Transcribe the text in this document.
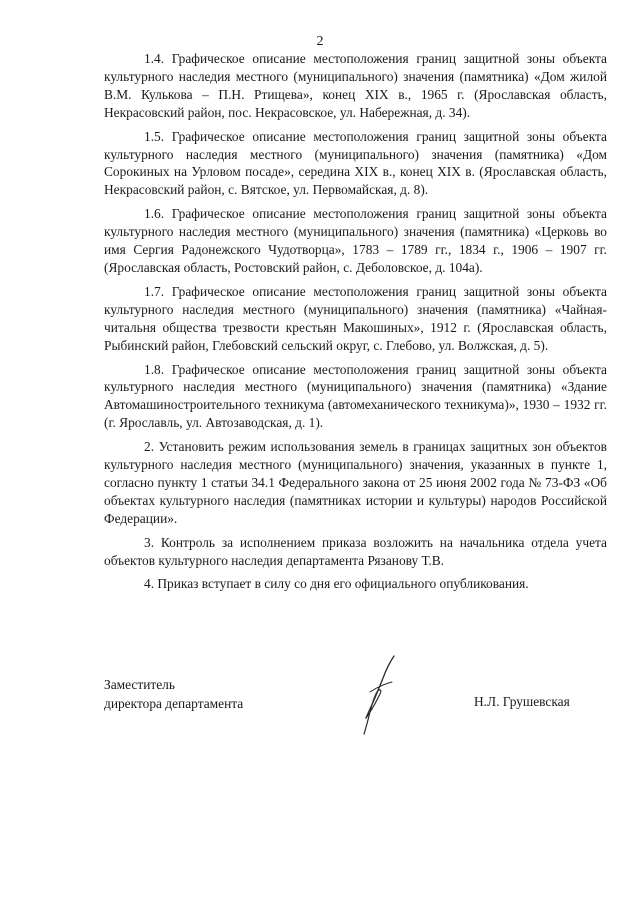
2

1.4. Графическое описание местоположения границ защитной зоны объекта культурного наследия местного (муниципального) значения (памятника) «Дом жилой В.М. Кулькова – П.Н. Ртищева», конец XIX в., 1965 г. (Ярославская область, Некрасовский район, пос. Некрасовское, ул. Набережная, д. 34).

1.5. Графическое описание местоположения границ защитной зоны объекта культурного наследия местного (муниципального) значения (памятника) «Дом Сорокиных на Урловом посаде», середина XIX в., конец XIX в. (Ярославская область, Некрасовский район, с. Вятское, ул. Первомайская, д. 8).

1.6. Графическое описание местоположения границ защитной зоны объекта культурного наследия местного (муниципального) значения (памятника) «Церковь во имя Сергия Радонежского Чудотворца», 1783 – 1789 гг., 1834 г., 1906 – 1907 гг. (Ярославская область, Ростовский район, с. Деболовское, д. 104а).

1.7. Графическое описание местоположения границ защитной зоны объекта культурного наследия местного (муниципального) значения (памятника) «Чайная-читальня общества трезвости крестьян Макошиных», 1912 г. (Ярославская область, Рыбинский район, Глебовский сельский округ, с. Глебово, ул. Волжская, д. 5).

1.8. Графическое описание местоположения границ защитной зоны объекта культурного наследия местного (муниципального) значения (памятника) «Здание Автомашиностроительного техникума (автомеханического техникума)», 1930 – 1932 гг. (г. Ярославль, ул. Автозаводская, д. 1).

2. Установить режим использования земель в границах защитных зон объектов культурного наследия местного (муниципального) значения, указанных в пункте 1, согласно пункту 1 статьи 34.1 Федерального закона от 25 июня 2002 года № 73-ФЗ «Об объектах культурного наследия (памятниках истории и культуры) народов Российской Федерации».

3. Контроль за исполнением приказа возложить на начальника отдела учета объектов культурного наследия департамента Рязанову Т.В.

4. Приказ вступает в силу со дня его официального опубликования.

Заместитель
директора департамента	Н.Л. Грушевская
